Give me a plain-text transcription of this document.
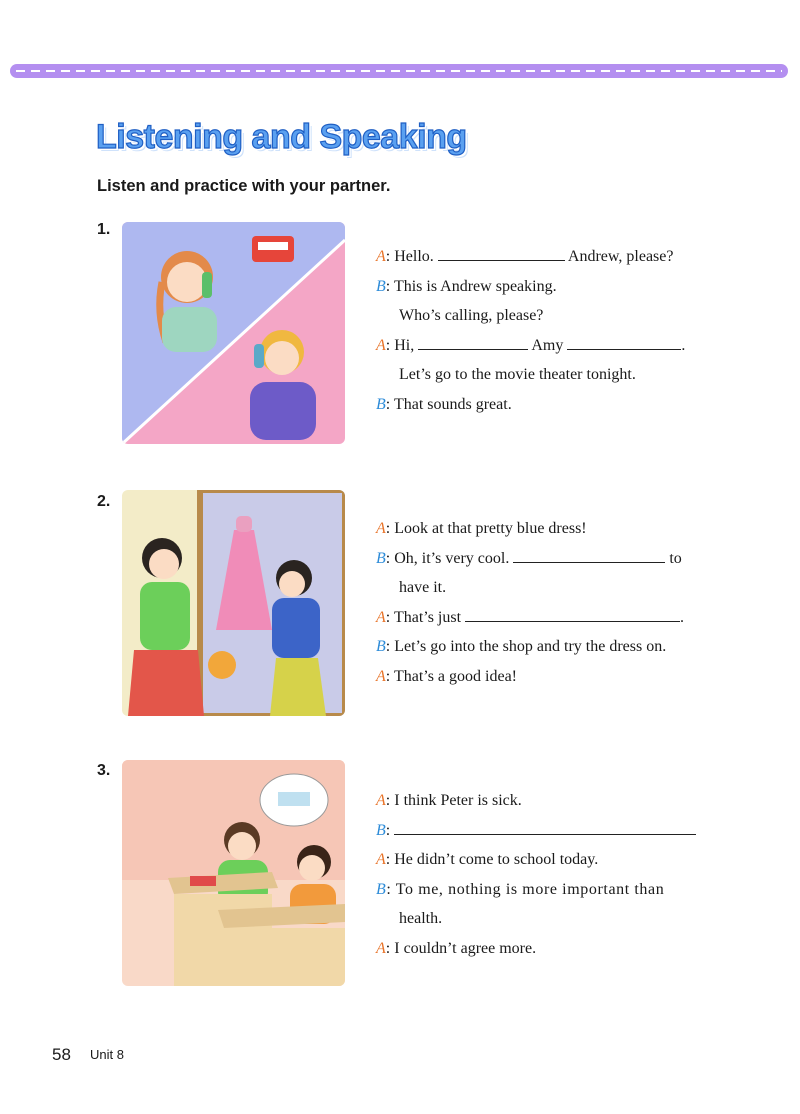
Listening and Speaking

Listen and practice with your partner.

1.
A: Hello.	Andrew, please?
B: This is Andrew speaking.
Who’s calling, please?
A: Hi,	Amy	.
Let’s go to the movie theater tonight.
B: That sounds great.
2.
A: Look at that pretty blue dress!
B: Oh, it’s very cool.	to
have it.
A: That’s just	.
B: Let’s go into the shop and try the dress on.
A: That’s a good idea!
3.
A: I think Peter is sick.
B:
A: He didn’t come to school today.
B: To me, nothing is more important than
health.
A: I couldn’t agree more.
58 Unit 8
